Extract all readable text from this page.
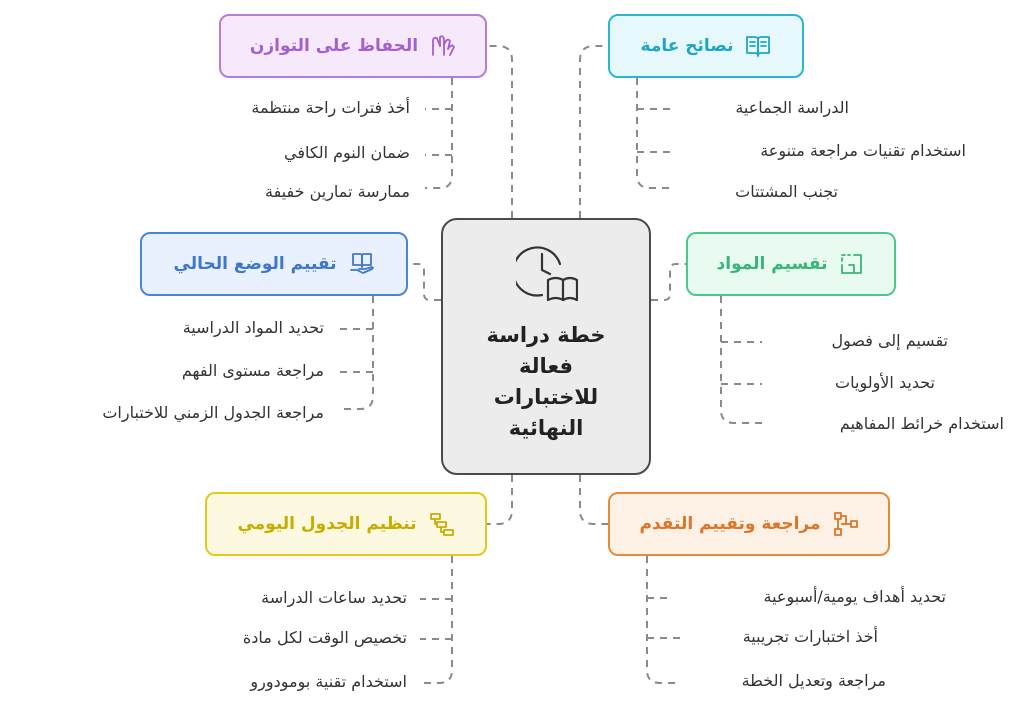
خطة دراسة
فعالة
للاختبارات
النهائية
الحفاظ على التوازن
أخذ فترات راحة منتظمة
ضمان النوم الكافي
ممارسة تمارين خفيفة
نصائح عامة
الدراسة الجماعية
استخدام تقنيات مراجعة متنوعة
تجنب المشتتات
تقييم الوضع الحالي
تحديد المواد الدراسية
مراجعة مستوى الفهم
مراجعة الجدول الزمني للاختبارات
تقسيم المواد
تقسيم إلى فصول
تحديد الأولويات
استخدام خرائط المفاهيم
تنظيم الجدول اليومي
تحديد ساعات الدراسة
تخصيص الوقت لكل مادة
استخدام تقنية بومودورو
مراجعة وتقييم التقدم
تحديد أهداف يومية/أسبوعية
أخذ اختبارات تجريبية
مراجعة وتعديل الخطة
